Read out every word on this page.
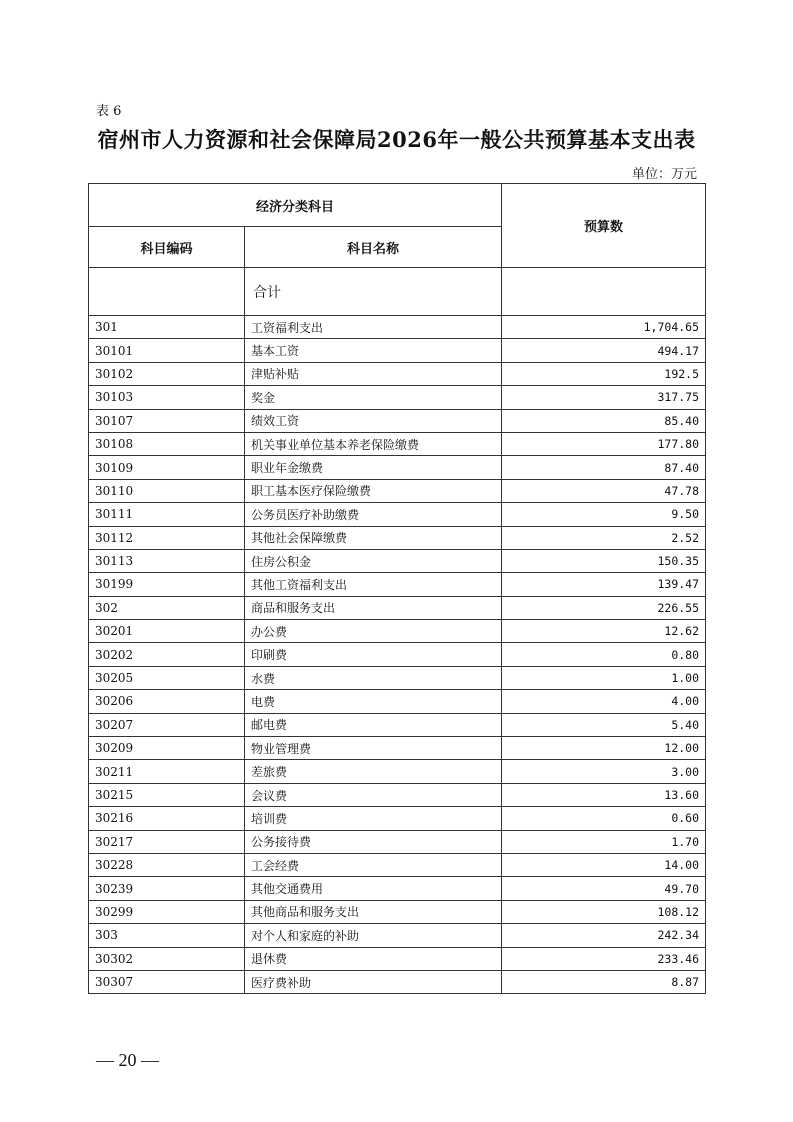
表 6
宿州市人力资源和社会保障局2026年一般公共预算基本支出表
单位：万元
经济分类科目		预算数
科目编码	科目名称	
	合计	
301	工资福利支出	1,704.65
30101	基本工资	494.17
30102	津贴补贴	192.5
30103	奖金	317.75
30107	绩效工资	85.40
30108	机关事业单位基本养老保险缴费	177.80
30109	职业年金缴费	87.40
30110	职工基本医疗保险缴费	47.78
30111	公务员医疗补助缴费	9.50
30112	其他社会保障缴费	2.52
30113	住房公积金	150.35
30199	其他工资福利支出	139.47
302	商品和服务支出	226.55
30201	办公费	12.62
30202	印刷费	0.80
30205	水费	1.00
30206	电费	4.00
30207	邮电费	5.40
30209	物业管理费	12.00
30211	差旅费	3.00
30215	会议费	13.60
30216	培训费	0.60
30217	公务接待费	1.70
30228	工会经费	14.00
30239	其他交通费用	49.70
30299	其他商品和服务支出	108.12
303	对个人和家庭的补助	242.34
30302	退休费	233.46
30307	医疗费补助	8.87
— 20 —
